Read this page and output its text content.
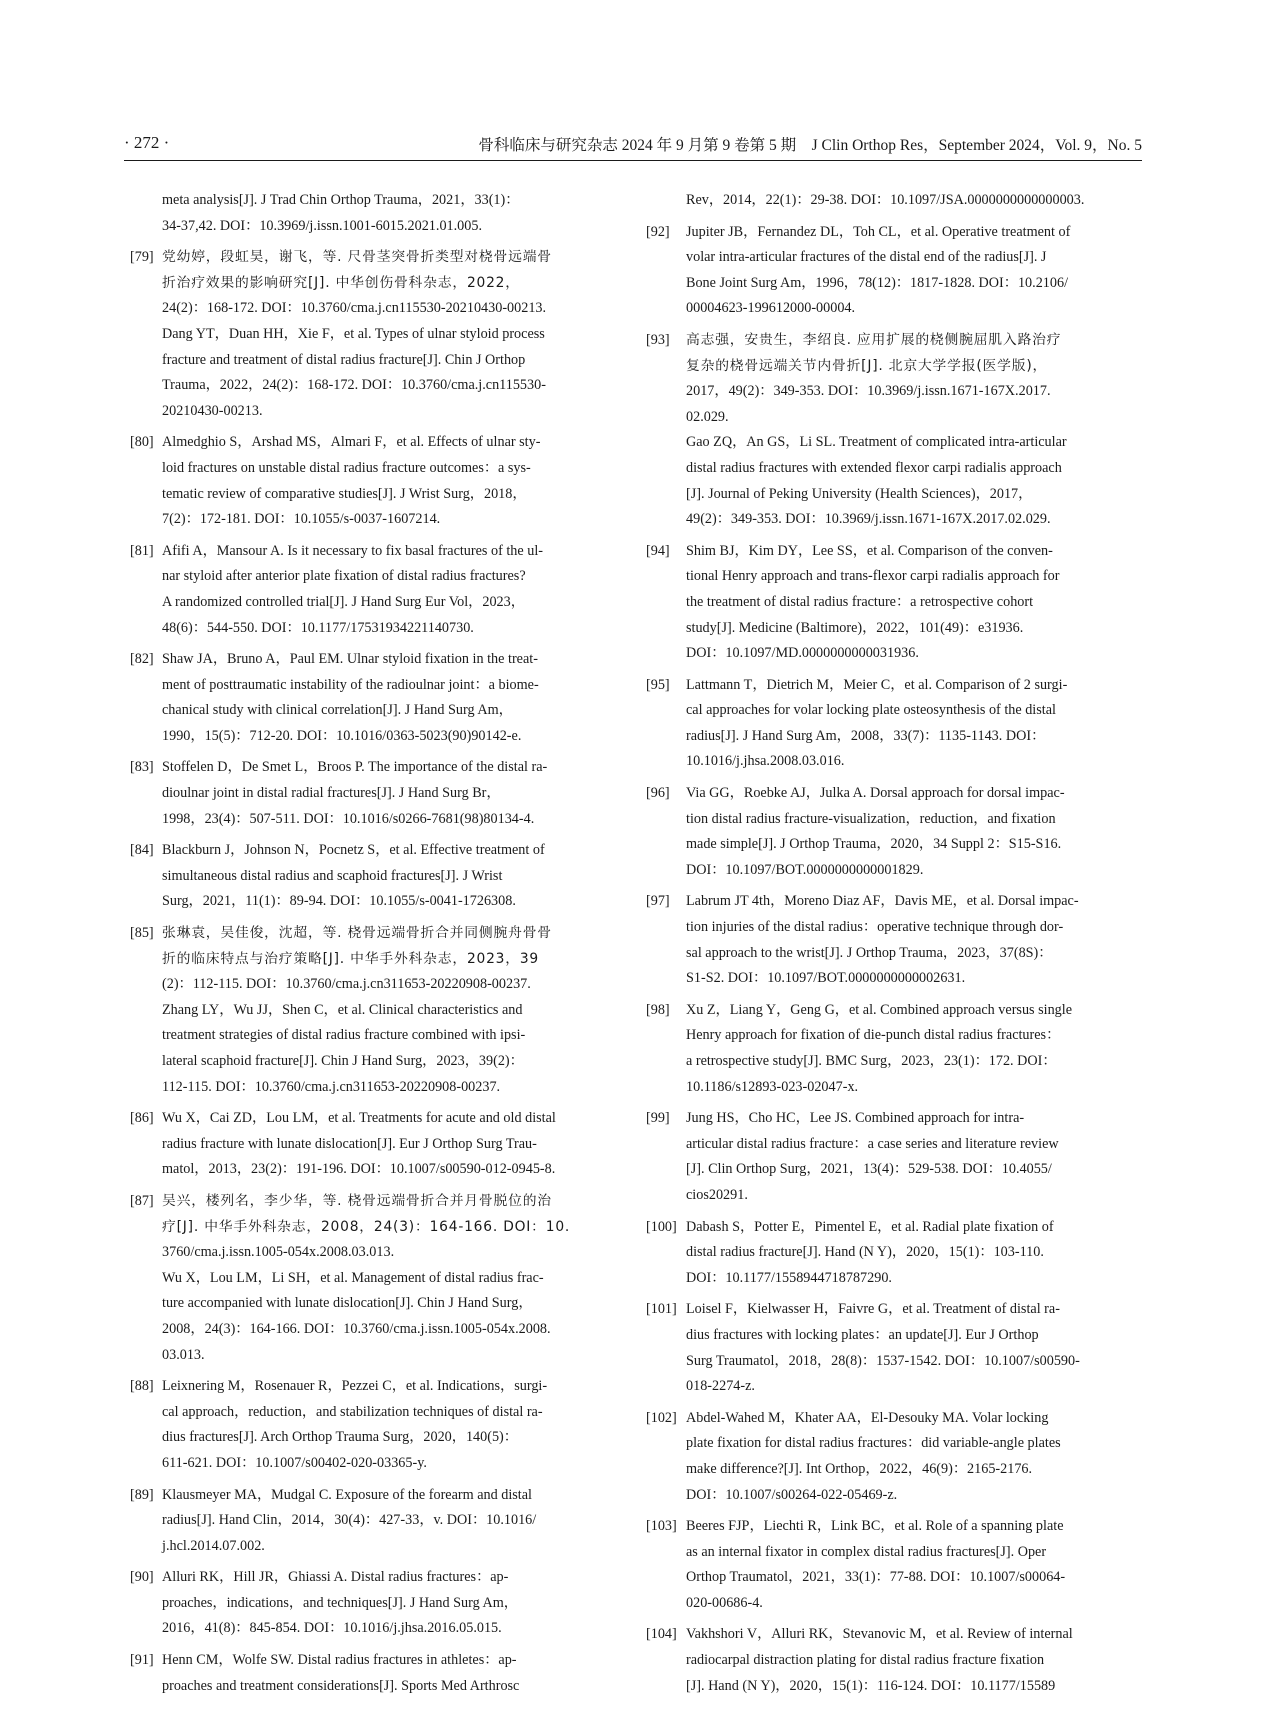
· 272 ·	骨科临床与研究杂志 2024 年 9 月第 9 卷第 5 期　J Clin Orthop Res，September 2024，Vol. 9，No. 5
meta analysis[J]. J Trad Chin Orthop Trauma，2021，33(1)：
34-37,42. DOI：10.3969/j.issn.1001-6015.2021.01.005.
[79] 党幼婷，段虹昊，谢飞，等. 尺骨茎突骨折类型对桡骨远端骨
折治疗效果的影响研究[J]. 中华创伤骨科杂志，2022，
24(2)：168-172. DOI：10.3760/cma.j.cn115530-20210430-00213.
Dang YT，Duan HH，Xie F，et al. Types of ulnar styloid process
fracture and treatment of distal radius fracture[J]. Chin J Orthop
Trauma，2022，24(2)：168-172. DOI：10.3760/cma.j.cn115530-
20210430-00213.
[80] Almedghio S，Arshad MS，Almari F，et al. Effects of ulnar sty-
loid fractures on unstable distal radius fracture outcomes：a sys-
tematic review of comparative studies[J]. J Wrist Surg，2018，
7(2)：172-181. DOI：10.1055/s-0037-1607214.
[81] Afifi A，Mansour A. Is it necessary to fix basal fractures of the ul-
nar styloid after anterior plate fixation of distal radius fractures?
A randomized controlled trial[J]. J Hand Surg Eur Vol，2023，
48(6)：544-550. DOI：10.1177/17531934221140730.
[82] Shaw JA，Bruno A，Paul EM. Ulnar styloid fixation in the treat-
ment of posttraumatic instability of the radioulnar joint：a biome-
chanical study with clinical correlation[J]. J Hand Surg Am，
1990，15(5)：712-20. DOI：10.1016/0363-5023(90)90142-e.
[83] Stoffelen D，De Smet L，Broos P. The importance of the distal ra-
dioulnar joint in distal radial fractures[J]. J Hand Surg Br，
1998，23(4)：507-511. DOI：10.1016/s0266-7681(98)80134-4.
[84] Blackburn J，Johnson N，Pocnetz S，et al. Effective treatment of
simultaneous distal radius and scaphoid fractures[J]. J Wrist
Surg，2021，11(1)：89-94. DOI：10.1055/s-0041-1726308.
[85] 张琳袁，吴佳俊，沈超，等. 桡骨远端骨折合并同侧腕舟骨骨
折的临床特点与治疗策略[J]. 中华手外科杂志，2023，39
(2)：112-115. DOI：10.3760/cma.j.cn311653-20220908-00237.
Zhang LY，Wu JJ，Shen C，et al. Clinical characteristics and
treatment strategies of distal radius fracture combined with ipsi-
lateral scaphoid fracture[J]. Chin J Hand Surg，2023，39(2)：
112-115. DOI：10.3760/cma.j.cn311653-20220908-00237.
[86] Wu X，Cai ZD，Lou LM，et al. Treatments for acute and old distal
radius fracture with lunate dislocation[J]. Eur J Orthop Surg Trau-
matol，2013，23(2)：191-196. DOI：10.1007/s00590-012-0945-8.
[87] 吴兴，楼列名，李少华，等. 桡骨远端骨折合并月骨脱位的治
疗[J]. 中华手外科杂志，2008，24(3)：164-166. DOI：10.
3760/cma.j.issn.1005-054x.2008.03.013.
Wu X，Lou LM，Li SH，et al. Management of distal radius frac-
ture accompanied with lunate dislocation[J]. Chin J Hand Surg，
2008，24(3)：164-166. DOI：10.3760/cma.j.issn.1005-054x.2008.
03.013.
[88] Leixnering M，Rosenauer R，Pezzei C，et al. Indications，surgi-
cal approach，reduction，and stabilization techniques of distal ra-
dius fractures[J]. Arch Orthop Trauma Surg，2020，140(5)：
611-621. DOI：10.1007/s00402-020-03365-y.
[89] Klausmeyer MA，Mudgal C. Exposure of the forearm and distal
radius[J]. Hand Clin，2014，30(4)：427-33，v. DOI：10.1016/
j.hcl.2014.07.002.
[90] Alluri RK，Hill JR，Ghiassi A. Distal radius fractures：ap-
proaches，indications，and techniques[J]. J Hand Surg Am，
2016，41(8)：845-854. DOI：10.1016/j.jhsa.2016.05.015.
[91] Henn CM，Wolfe SW. Distal radius fractures in athletes：ap-
proaches and treatment considerations[J]. Sports Med Arthrosc
Rev，2014，22(1)：29-38. DOI：10.1097/JSA.0000000000000003.
[92] Jupiter JB，Fernandez DL，Toh CL，et al. Operative treatment of
volar intra-articular fractures of the distal end of the radius[J]. J
Bone Joint Surg Am，1996，78(12)：1817-1828. DOI：10.2106/
00004623-199612000-00004.
[93] 高志强，安贵生，李绍良. 应用扩展的桡侧腕屈肌入路治疗
复杂的桡骨远端关节内骨折[J]. 北京大学学报(医学版)，
2017，49(2)：349-353. DOI：10.3969/j.issn.1671-167X.2017.
02.029.
Gao ZQ，An GS，Li SL. Treatment of complicated intra-articular
distal radius fractures with extended flexor carpi radialis approach
[J]. Journal of Peking University (Health Sciences)，2017，
49(2)：349-353. DOI：10.3969/j.issn.1671-167X.2017.02.029.
[94] Shim BJ，Kim DY，Lee SS，et al. Comparison of the conven-
tional Henry approach and trans-flexor carpi radialis approach for
the treatment of distal radius fracture：a retrospective cohort
study[J]. Medicine (Baltimore)，2022，101(49)：e31936.
DOI：10.1097/MD.0000000000031936.
[95] Lattmann T，Dietrich M，Meier C，et al. Comparison of 2 surgi-
cal approaches for volar locking plate osteosynthesis of the distal
radius[J]. J Hand Surg Am，2008，33(7)：1135-1143. DOI：
10.1016/j.jhsa.2008.03.016.
[96] Via GG，Roebke AJ，Julka A. Dorsal approach for dorsal impac-
tion distal radius fracture-visualization，reduction，and fixation
made simple[J]. J Orthop Trauma，2020，34 Suppl 2：S15-S16.
DOI：10.1097/BOT.0000000000001829.
[97] Labrum JT 4th，Moreno Diaz AF，Davis ME，et al. Dorsal impac-
tion injuries of the distal radius：operative technique through dor-
sal approach to the wrist[J]. J Orthop Trauma，2023，37(8S)：
S1-S2. DOI：10.1097/BOT.0000000000002631.
[98] Xu Z，Liang Y，Geng G，et al. Combined approach versus single
Henry approach for fixation of die-punch distal radius fractures：
a retrospective study[J]. BMC Surg，2023，23(1)：172. DOI：
10.1186/s12893-023-02047-x.
[99] Jung HS，Cho HC，Lee JS. Combined approach for intra-
articular distal radius fracture：a case series and literature review
[J]. Clin Orthop Surg，2021，13(4)：529-538. DOI：10.4055/
cios20291.
[100] Dabash S，Potter E，Pimentel E，et al. Radial plate fixation of
distal radius fracture[J]. Hand (N Y)，2020，15(1)：103-110.
DOI：10.1177/1558944718787290.
[101] Loisel F，Kielwasser H，Faivre G，et al. Treatment of distal ra-
dius fractures with locking plates：an update[J]. Eur J Orthop
Surg Traumatol，2018，28(8)：1537-1542. DOI：10.1007/s00590-
018-2274-z.
[102] Abdel-Wahed M，Khater AA，El-Desouky MA. Volar locking
plate fixation for distal radius fractures：did variable-angle plates
make difference?[J]. Int Orthop，2022，46(9)：2165-2176.
DOI：10.1007/s00264-022-05469-z.
[103] Beeres FJP，Liechti R，Link BC，et al. Role of a spanning plate
as an internal fixator in complex distal radius fractures[J]. Oper
Orthop Traumatol，2021，33(1)：77-88. DOI：10.1007/s00064-
020-00686-4.
[104] Vakhshori V，Alluri RK，Stevanovic M，et al. Review of internal
radiocarpal distraction plating for distal radius fracture fixation
[J]. Hand (N Y)，2020，15(1)：116-124. DOI：10.1177/15589
